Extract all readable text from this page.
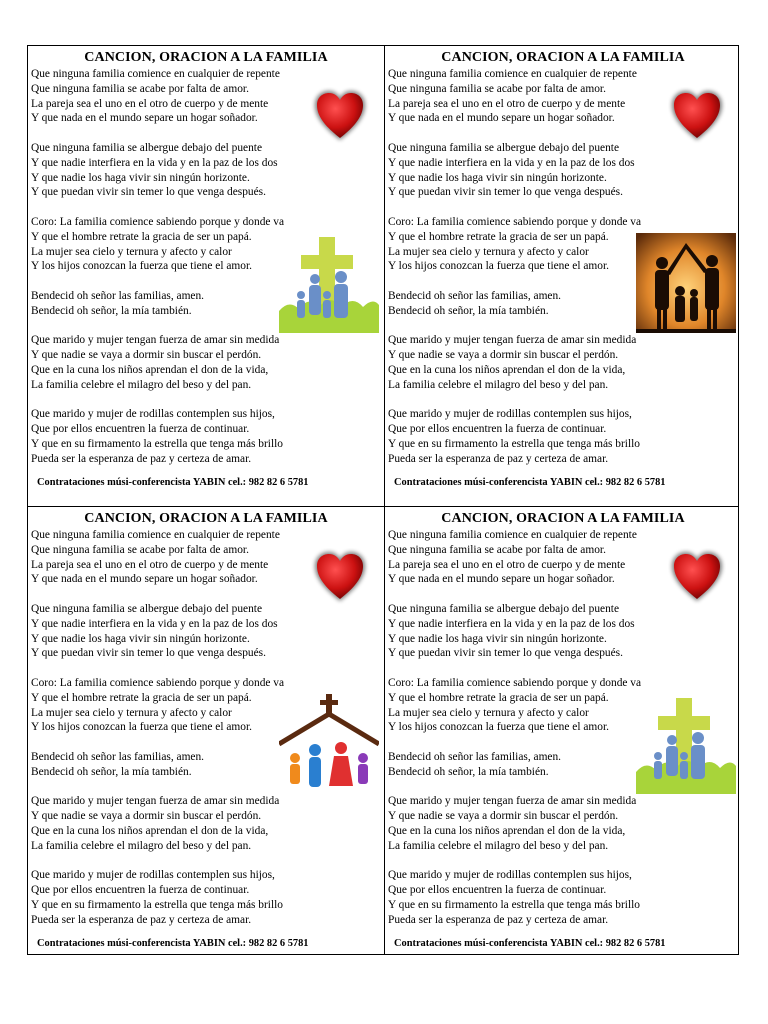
CANCION, ORACION A LA FAMILIA
Que ninguna familia comience en cualquier de repente
Que ninguna familia se acabe por falta de amor.
La pareja sea el uno en el otro de cuerpo y de mente
Y que nada en el mundo separe un hogar soñador.
Que ninguna familia se albergue debajo del puente
Y que nadie interfiera en la vida y en la paz de los dos
Y que nadie los haga vivir sin ningún horizonte.
Y que puedan vivir sin temer lo que venga después.
Coro: La familia comience sabiendo porque y donde va
Y que el hombre retrate la gracia de ser un papá.
La mujer sea cielo y ternura y afecto y calor
Y los hijos conozcan la fuerza que tiene el amor.
Bendecid oh señor las familias, amen.
Bendecid oh señor, la mía también.
Que marido y mujer tengan fuerza de amar sin medida
Y que nadie se vaya a dormir sin buscar el perdón.
Que en la cuna los niños aprendan el don de la vida,
La familia celebre el milagro del beso y del pan.
Que marido y mujer de rodillas contemplen sus hijos,
Que por ellos encuentren la fuerza de continuar.
Y que en su firmamento la estrella que tenga más brillo
Pueda ser la esperanza de paz y certeza de amar.
Contrataciones músi-conferencista YABIN cel.: 982 82 6 5781
CANCION, ORACION A LA FAMILIA
Que ninguna familia comience en cualquier de repente
Que ninguna familia se acabe por falta de amor.
La pareja sea el uno en el otro de cuerpo y de mente
Y que nada en el mundo separe un hogar soñador.
Que ninguna familia se albergue debajo del puente
Y que nadie interfiera en la vida y en la paz de los dos
Y que nadie los haga vivir sin ningún horizonte.
Y que puedan vivir sin temer lo que venga después.
Coro: La familia comience sabiendo porque y donde va
Y que el hombre retrate la gracia de ser un papá.
La mujer sea cielo y ternura y afecto y calor
Y los hijos conozcan la fuerza que tiene el amor.
Bendecid oh señor las familias, amen.
Bendecid oh señor, la mía también.
Que marido y mujer tengan fuerza de amar sin medida
Y que nadie se vaya a dormir sin buscar el perdón.
Que en la cuna los niños aprendan el don de la vida,
La familia celebre el milagro del beso y del pan.
Que marido y mujer de rodillas contemplen sus hijos,
Que por ellos encuentren la fuerza de continuar.
Y que en su firmamento la estrella que tenga más brillo
Pueda ser la esperanza de paz y certeza de amar.
Contrataciones músi-conferencista YABIN cel.: 982 82 6 5781
CANCION, ORACION A LA FAMILIA
Que ninguna familia comience en cualquier de repente
Que ninguna familia se acabe por falta de amor.
La pareja sea el uno en el otro de cuerpo y de mente
Y que nada en el mundo separe un hogar soñador.
Que ninguna familia se albergue debajo del puente
Y que nadie interfiera en la vida y en la paz de los dos
Y que nadie los haga vivir sin ningún horizonte.
Y que puedan vivir sin temer lo que venga después.
Coro: La familia comience sabiendo porque y donde va
Y que el hombre retrate la gracia de ser un papá.
La mujer sea cielo y ternura y afecto y calor
Y los hijos conozcan la fuerza que tiene el amor.
Bendecid oh señor las familias, amen.
Bendecid oh señor, la mía también.
Que marido y mujer tengan fuerza de amar sin medida
Y que nadie se vaya a dormir sin buscar el perdón.
Que en la cuna los niños aprendan el don de la vida,
La familia celebre el milagro del beso y del pan.
Que marido y mujer de rodillas contemplen sus hijos,
Que por ellos encuentren la fuerza de continuar.
Y que en su firmamento la estrella que tenga más brillo
Pueda ser la esperanza de paz y certeza de amar.
Contrataciones músi-conferencista YABIN cel.: 982 82 6 5781
CANCION, ORACION A LA FAMILIA
Que ninguna familia comience en cualquier de repente
Que ninguna familia se acabe por falta de amor.
La pareja sea el uno en el otro de cuerpo y de mente
Y que nada en el mundo separe un hogar soñador.
Que ninguna familia se albergue debajo del puente
Y que nadie interfiera en la vida y en la paz de los dos
Y que nadie los haga vivir sin ningún horizonte.
Y que puedan vivir sin temer lo que venga después.
Coro: La familia comience sabiendo porque y donde va
Y que el hombre retrate la gracia de ser un papá.
La mujer sea cielo y ternura y afecto y calor
Y los hijos conozcan la fuerza que tiene el amor.
Bendecid oh señor las familias, amen.
Bendecid oh señor, la mía también.
Que marido y mujer tengan fuerza de amar sin medida
Y que nadie se vaya a dormir sin buscar el perdón.
Que en la cuna los niños aprendan el don de la vida,
La familia celebre el milagro del beso y del pan.
Que marido y mujer de rodillas contemplen sus hijos,
Que por ellos encuentren la fuerza de continuar.
Y que en su firmamento la estrella que tenga más brillo
Pueda ser la esperanza de paz y certeza de amar.
Contrataciones músi-conferencista YABIN cel.: 982 82 6 5781
